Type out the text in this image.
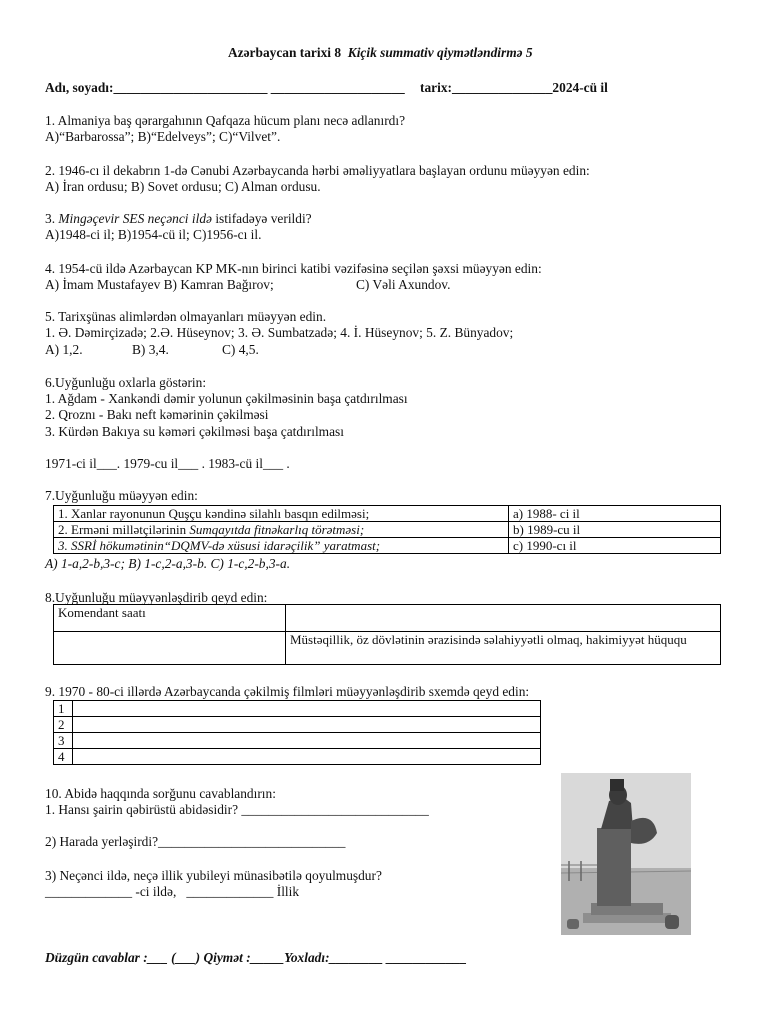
Azərbaycan tarixi 8 Kiçik summativ qiymətləndirmə 5
Adı, soyadı:_______________________ ____________________ tarix:_______________2024-cü il
1. Almaniya baş qərargahının Qafqaza hücum planı necə adlanırdı?
A)“Barbarossa”; B)“Edelveys”; C)“Vilvet”.
2. 1946-cı il dekabrın 1-də Cənubi Azərbaycanda hərbi əməliyyatlara başlayan ordunu müəyyən edin:
A) İran ordusu; B) Sovet ordusu; C) Alman ordusu.
3. Mingəçevir SES neçənci ildə istifadəyə verildi?
A)1948-ci il; B)1954-cü il; C)1956-cı il.
4. 1954-cü ildə Azərbaycan KP MK-nın birinci katibi vəzifəsinə seçilən şəxsi müəyyən edin:
A) İmam Mustafayev B) Kamran Bağırov;	C) Vəli Axundov.
5. Tarixşünas alimlərdən olmayanları müəyyən edin.
1. Ə. Dəmirçizadə; 2.Ə. Hüseynov; 3. Ə. Sumbatzadə; 4. İ. Hüseynov; 5. Z. Bünyadov;
A) 1,2.	B) 3,4.	C) 4,5.
6.Uyğunluğu oxlarla göstərin:
1. Ağdam - Xankəndi dəmir yolunun çəkilməsinin başa çatdırılması
2. Qroznı - Bakı neft kəmərinin çəkilməsi
3. Kürdən Bakıya su kəməri çəkilməsi başa çatdırılması
1971-ci il___. 1979-cu il___ . 1983-cü il___ .
7.Uyğunluğu müəyyən edin:
1. Xanlar rayonunun Quşçu kəndinə silahlı basqın edilməsi;	a) 1988- ci il
2. Ermənі millətçilərinin Sumqayıtda fitnəkarlıq törətməsi;	b) 1989-cu il
3. SSRİ hökumətinin“DQMV-də xüsusi idarəçilik” yaratmast;	c) 1990-cı il
A) 1-a,2-b,3-c; B) 1-c,2-a,3-b. C) 1-c,2-b,3-a.
8.Uyğunluğu müəyyənləşdirib qeyd edin:
Komendant saatı	
	Müstəqillik, öz dövlətinin ərazisində səlahiyyətli olmaq, hakimiyyət hüququ
9. 1970 - 80-ci illərdə Azərbaycanda çəkilmiş filmləri müəyyənləşdirib sxemdə qeyd edin:
1	
2	
3	
4	
10. Abidə haqqında sorğunu cavablandırın:
1. Hansı şairin qəbirüstü abidəsidir? ____________________________
2) Harada yerləşirdi?____________________________
3) Neçənci ildə, neçə illik yubileyi münasibətilə qoyulmuşdur?
_____________ -ci ildə, _____________ İllik
Düzgün cavablar :___ (___) Qiymət :_____Yoxladı:________ ____________
